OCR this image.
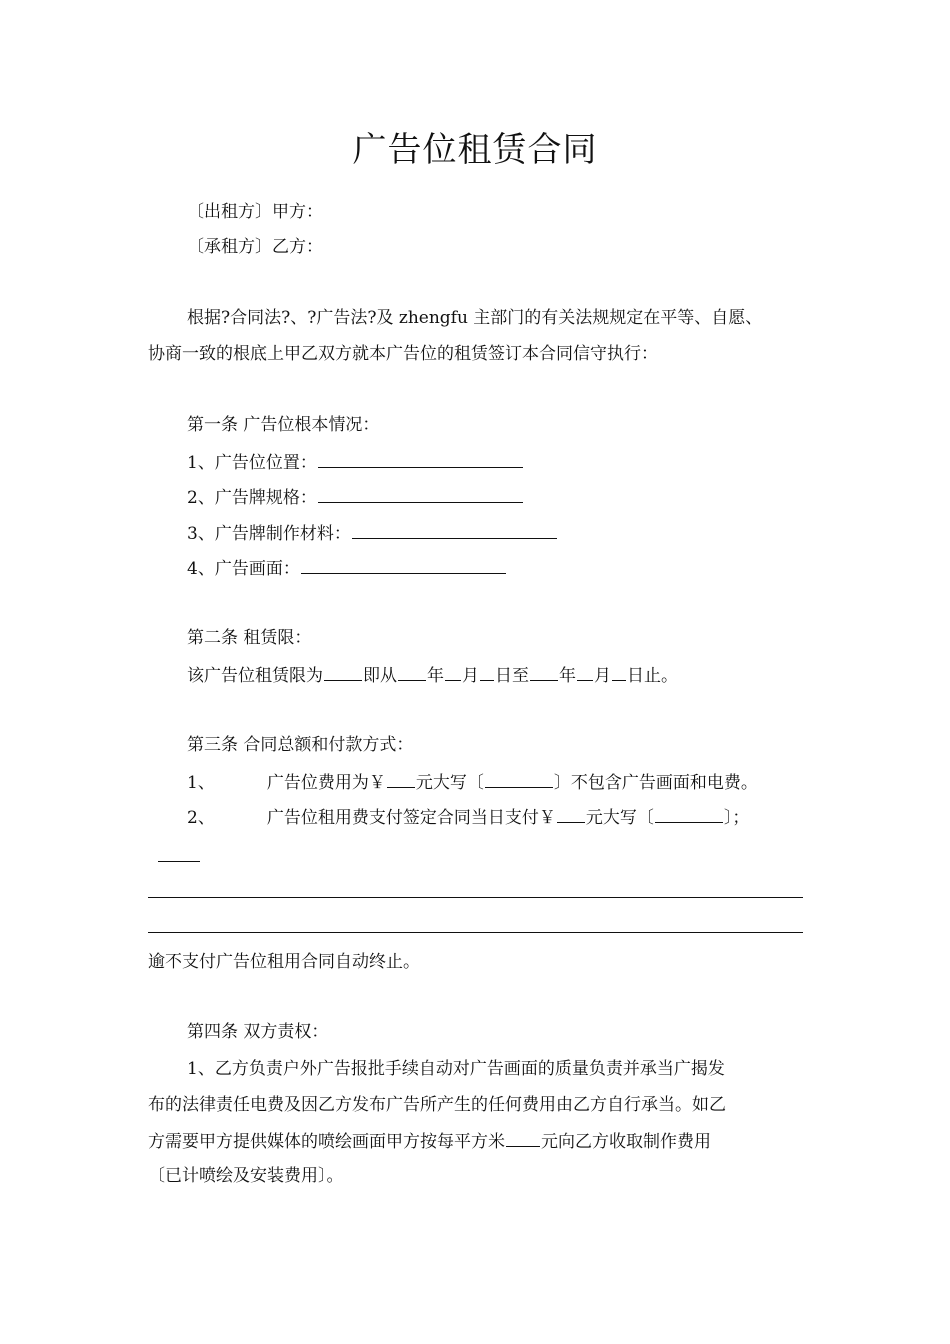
广告位租赁合同
〔出租方〕甲方：
〔承租方〕乙方：
根据?合同法?、?广告法?及 zhengfu 主部门的有关法规规定在平等、自愿、
协商一致的根底上甲乙双方就本广告位的租赁签订本合同信守执行：
第一条 广告位根本情况：
1、广告位位置：
2、广告牌规格：
3、广告牌制作材料：
4、广告画面：
第二条 租赁限：
该广告位租赁限为 即从 年 月 日至 年 月 日止。
第三条 合同总额和付款方式：
1、	广告位费用为￥ 元大写〔	〕不包含广告画面和电费。
2、	广告位租用费支付签定合同当日支付￥ 元大写〔	〕；
逾不支付广告位租用合同自动终止。
第四条 双方责权：
1、乙方负责户外广告报批手续自动对广告画面的质量负责并承当广揭发
布的法律责任电费及因乙方发布广告所产生的任何费用由乙方自行承当。如乙
方需要甲方提供媒体的喷绘画面甲方按每平方米 元向乙方收取制作费用
〔已计喷绘及安装费用〕。
